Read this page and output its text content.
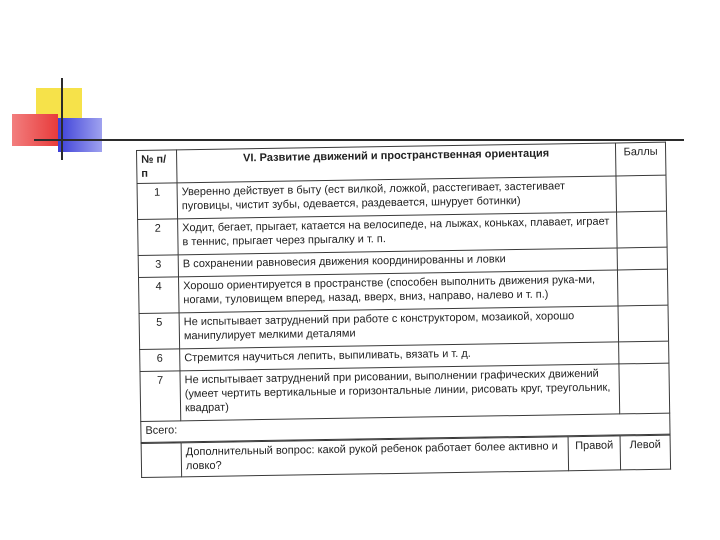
№ п/п	VI. Развитие движений и пространственная ориентация	Баллы
1	Уверенно действует в быту (ест вилкой, ложкой, расстегивает, застегивает пуговицы, чистит зубы, одевается, раздевается, шнурует ботинки)	
2	Ходит, бегает, прыгает, катается на велосипеде, на лыжах, коньках, плавает, играет в теннис, прыгает через прыгалку и т. п.	
3	В сохранении равновесия движения координированны и ловки	
4	Хорошо ориентируется в пространстве (способен выполнить движения рука-ми, ногами, туловищем вперед, назад, вверх, вниз, направо, налево и т. п.)	
5	Не испытывает затруднений при работе с конструктором, мозаикой, хорошо манипулирует мелкими деталями	
6	Стремится научиться лепить, выпиливать, вязать и т. д.	
7	Не испытывает затруднений при рисовании, выполнении графических движений (умеет чертить вертикальные и горизонтальные линии, рисовать круг, треугольник, квадрат)	
Всего:		
	Дополнительный вопрос: какой рукой ребенок работает более активно и ловко?	Правой	Левой
